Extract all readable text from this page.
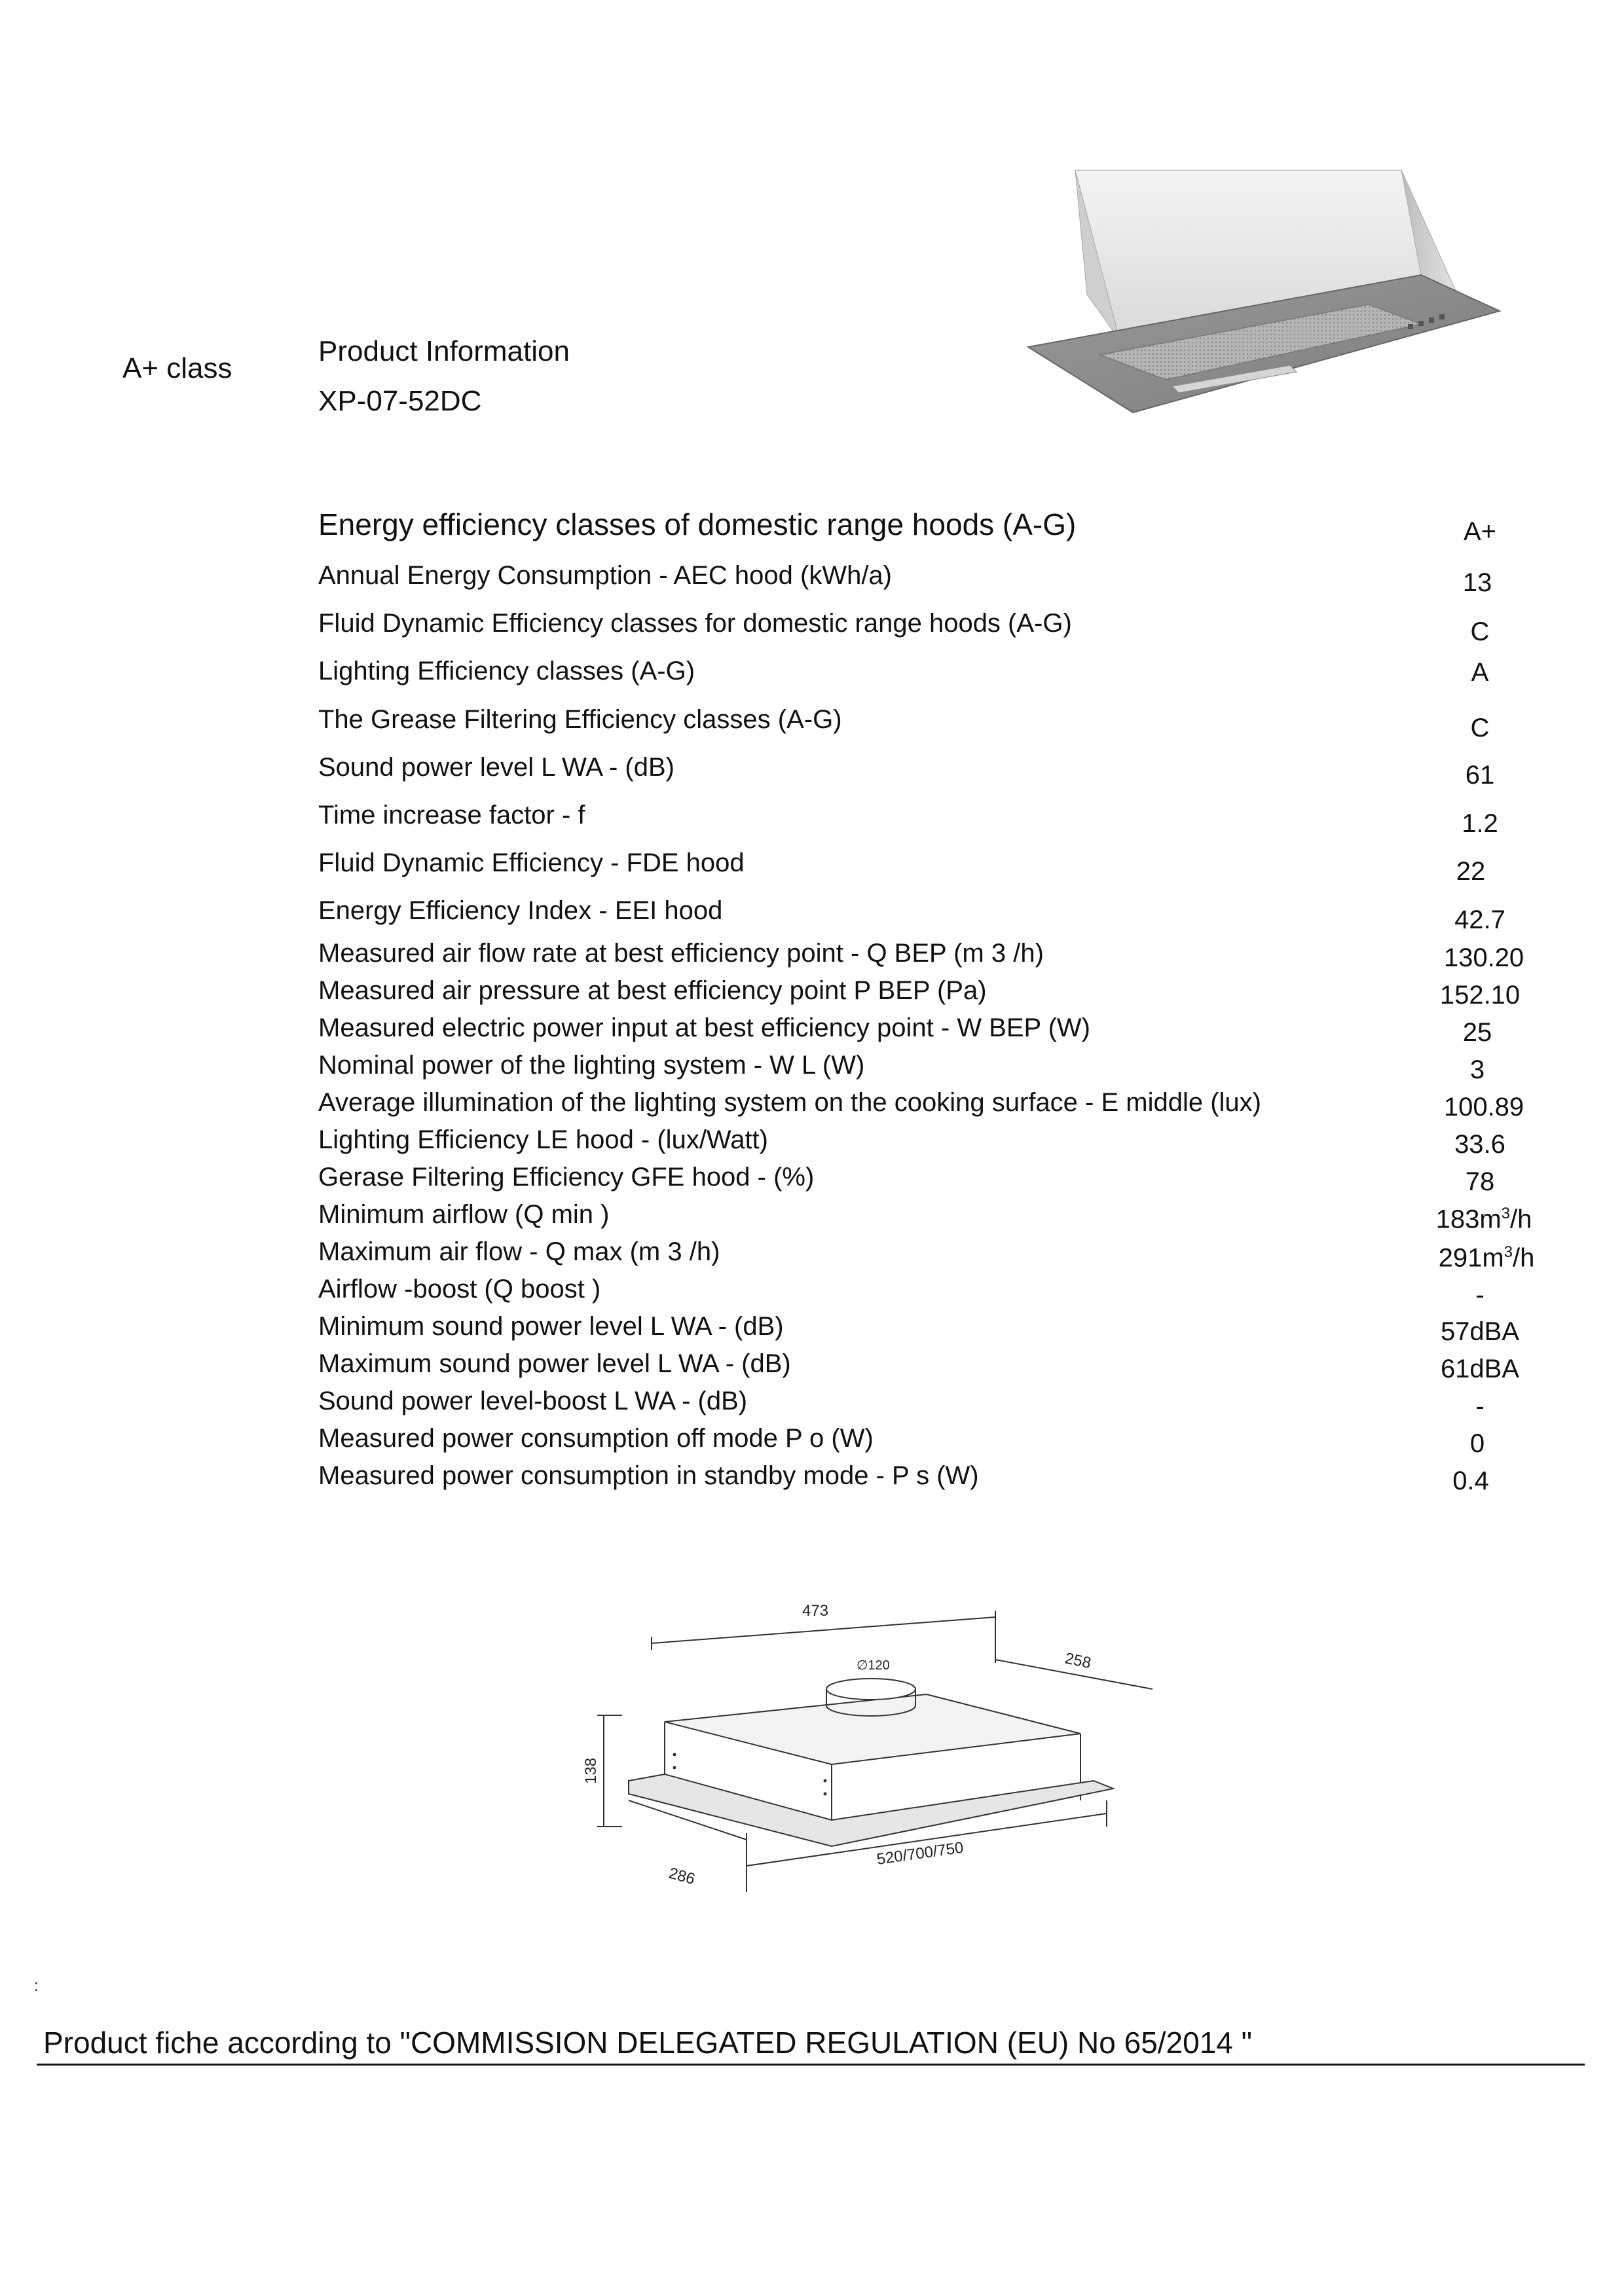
A+ class
Product Information
XP-07-52DC
Energy efficiency classes of domestic range hoods (A-G)	A+
Annual Energy Consumption - AEC hood (kWh/a)	13
Fluid Dynamic Efficiency classes for domestic range hoods (A-G)	C
Lighting Efficiency classes (A-G)	A
The Grease Filtering Efficiency classes (A-G)	C
Sound power level L WA - (dB)	61
Time increase factor - f	1.2
Fluid Dynamic Efficiency - FDE hood	22
Energy Efficiency Index - EEI hood	42.7
Measured air flow rate at best efficiency point - Q BEP (m 3 /h)	130.20
Measured air pressure at best efficiency point P BEP (Pa)	152.10
Measured electric power input at best efficiency point - W BEP (W)	25
Nominal power of the lighting system - W L (W)	3
Average illumination of the lighting system on the cooking surface - E middle (lux)	100.89
Lighting Efficiency LE hood - (lux/Watt)	33.6
Gerase Filtering Efficiency GFE hood - (%)	78
Minimum airflow (Q min )	$183m^3/h$
Maximum air flow - Q max (m 3 /h)	$291m^3/h$
Airflow -boost (Q boost )	-
Minimum sound power level L WA - (dB)	57dBA
Maximum sound power level L WA - (dB)	61dBA
Sound power level-boost L WA - (dB)	-
Measured power consumption off mode P o (W)	0
Measured power consumption in standby mode - P s (W)	0.4
473
∅120	258
138
286
520/700/750
:
Product fiche according to "COMMISSION DELEGATED REGULATION (EU) No 65/2014 "
